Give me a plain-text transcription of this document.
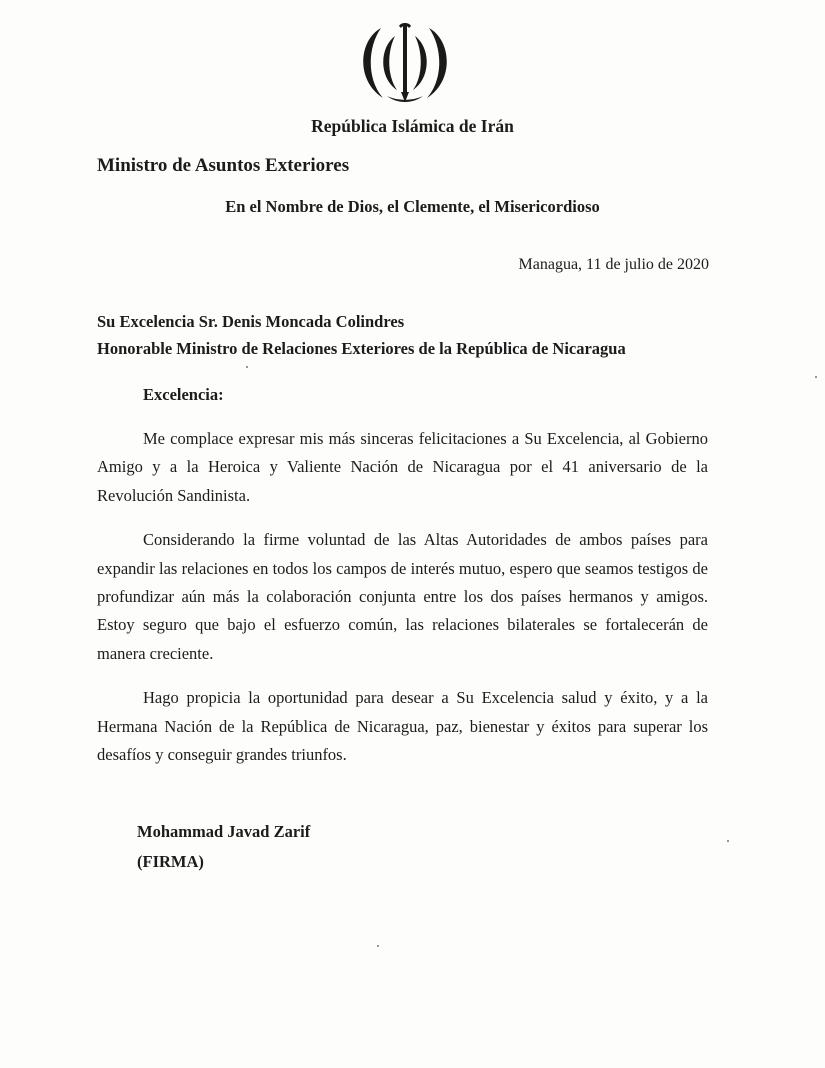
República Islámica de Irán
Ministro de Asuntos Exteriores
En el Nombre de Dios, el Clemente, el Misericordioso
Managua, 11 de julio de 2020
Su Excelencia Sr. Denis Moncada Colindres
Honorable Ministro de Relaciones Exteriores de la República de Nicaragua
Excelencia:

Me complace expresar mis más sinceras felicitaciones a Su Excelencia, al Gobierno Amigo y a la Heroica y Valiente Nación de Nicaragua por el 41 aniversario de la Revolución Sandinista.

Considerando la firme voluntad de las Altas Autoridades de ambos países para expandir las relaciones en todos los campos de interés mutuo, espero que seamos testigos de profundizar aún más la colaboración conjunta entre los dos países hermanos y amigos. Estoy seguro que bajo el esfuerzo común, las relaciones bilaterales se fortalecerán de manera creciente.

Hago propicia la oportunidad para desear a Su Excelencia salud y éxito, y a la Hermana Nación de la República de Nicaragua, paz, bienestar y éxitos para superar los desafíos y conseguir grandes triunfos.

Mohammad Javad Zarif
(FIRMA)
